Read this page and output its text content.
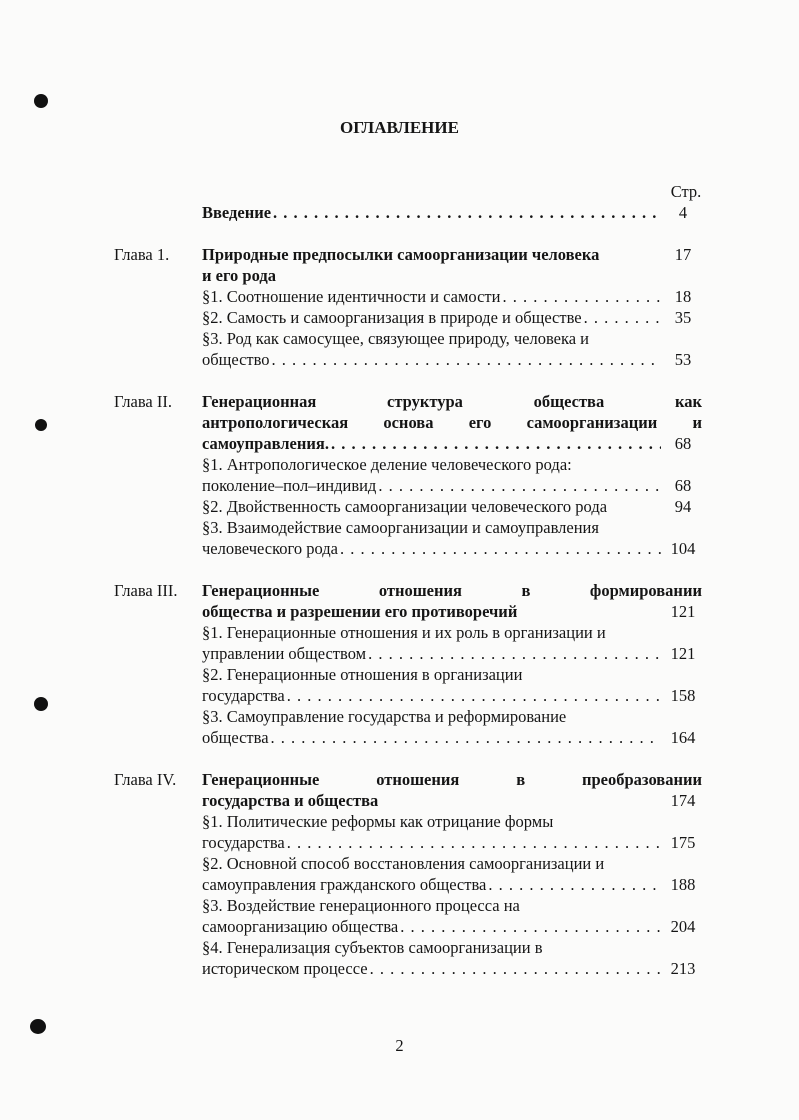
ОГЛАВЛЕНИЕ
Стр.
Введение . . .	4
Глава 1. Природные предпосылки самоорганизации человека	17
и его рода
§1. Соотношение идентичности и самости . . .	18
§2. Самость и самоорганизация в природе и обществе . . .	35
§3. Род как самосущее, связующее природу, человека и
общество . . .	53
Глава II. Генерационная	структура	общества	как
антропологическая основа его самоорганизации и
самоуправления. . . .	68
§1. Антропологическое деление человеческого рода:
поколение–пол–индивид . . .	68
§2. Двойственность самоорганизации человеческого рода	94
§3. Взаимодействие самоорганизации и самоуправления
человеческого рода . . .	104
Глава III. Генерационные	отношения	в	формировании
общества и разрешении его противоречий	121
§1. Генерационные отношения и их роль в организации и
управлении обществом . . .	121
§2. Генерационные отношения в организации
государства . . .	158
§3. Самоуправление государства и реформирование
общества . . .	164
Глава IV. Генерационные	отношения	в	преобразовании
государства и общества	174
§1. Политические реформы как отрицание формы
государства . . .	175
§2. Основной способ восстановления самоорганизации и
самоуправления гражданского общества . . .	188
§3. Воздействие генерационного процесса на
самоорганизацию общества . . .	204
§4. Генерализация субъектов самоорганизации в
историческом процессе . . .	213
2
